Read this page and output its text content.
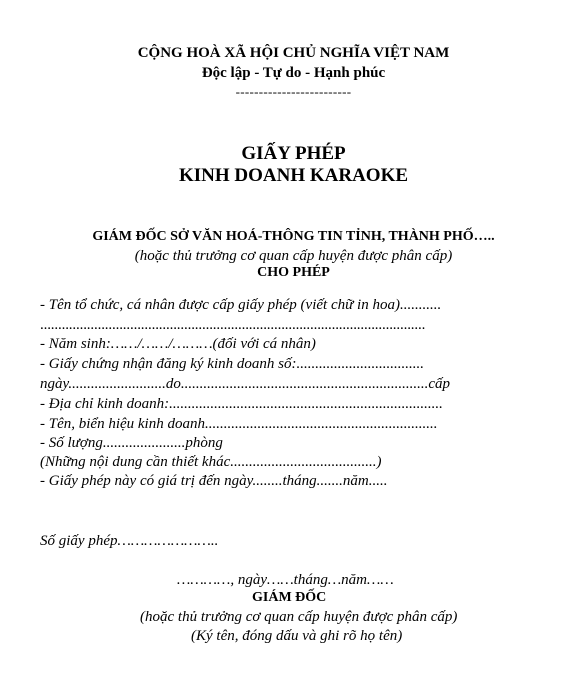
CỘNG HOÀ XÃ HỘI CHỦ NGHĨA VIỆT NAM
Độc lập - Tự do - Hạnh phúc
-------------------------
GIẤY PHÉP
KINH DOANH KARAOKE
GIÁM ĐỐC SỞ VĂN HOÁ-THÔNG TIN TỈNH, THÀNH PHỐ…..
(hoặc thủ trưởng cơ quan cấp huyện được phân cấp)
CHO PHÉP
- Tên tổ chức, cá nhân được cấp giấy phép (viết chữ in hoa)...........
...........................................................................................................
- Năm sinh:……/……/………(đối với cá nhân)
- Giấy chứng nhận đăng ký kinh doanh số:..................................
ngày..........................do..................................................................cấp
- Địa chỉ kinh doanh:.........................................................................
- Tên, biển hiệu kinh doanh..............................................................
- Số lượng......................phòng
(Những nội dung cần thiết khác.......................................)
- Giấy phép này có giá trị đến ngày........tháng.......năm.....
Số giấy phép…………………..
…………, ngày……tháng…năm……
GIÁM ĐỐC
(hoặc thủ trưởng cơ quan cấp huyện được phân cấp)
(Ký tên, đóng dấu và ghi rõ họ tên)
